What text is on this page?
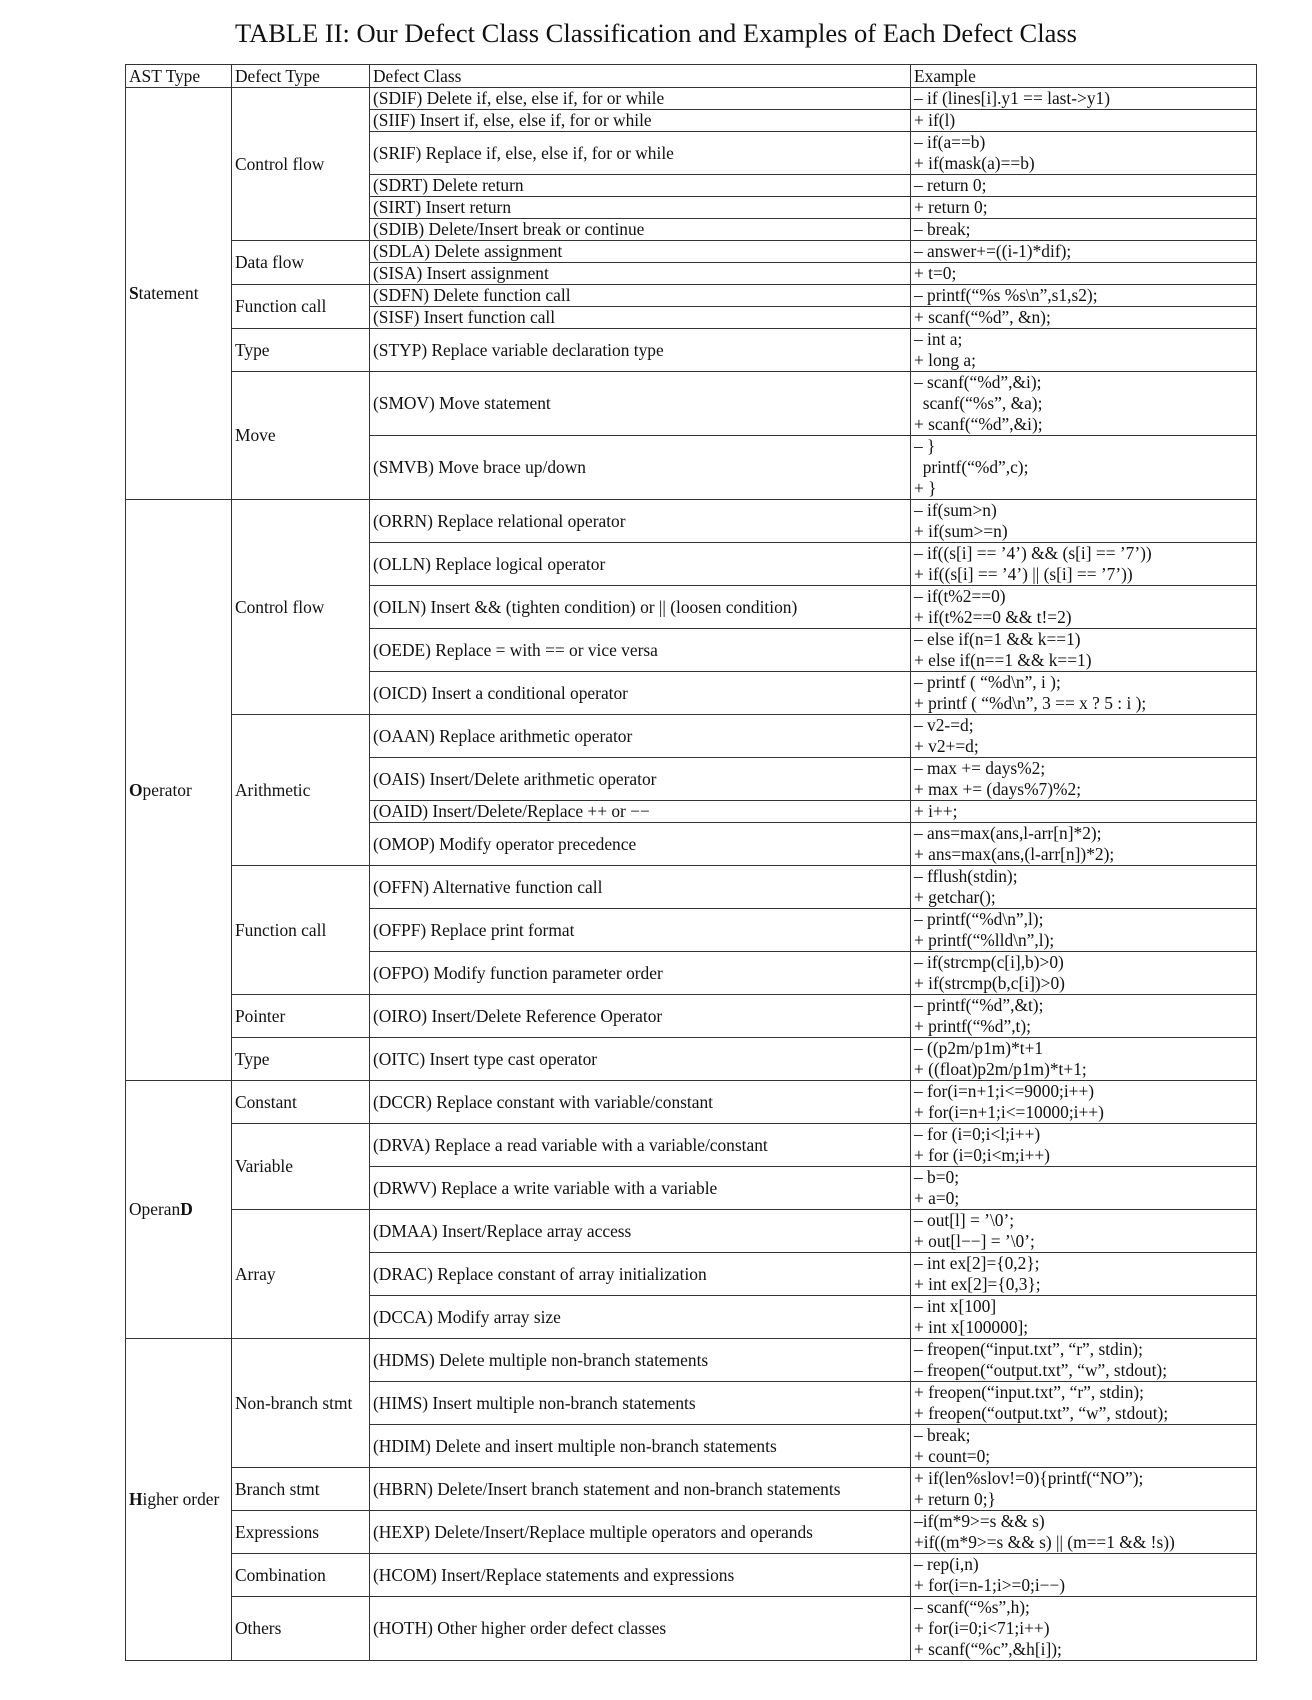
TABLE II: Our Defect Class Classification and Examples of Each Defect Class
AST Type	Defect Type	Defect Class	Example
Statement	Control flow	(SDIF) Delete if, else, else if, for or while	– if (lines[i].y1 == last->y1)

		(SIIF) Insert if, else, else if, for or while	+ if(l)

		(SRIF) Replace if, else, else if, for or while	– if(a==b)
+ if(mask(a)==b)

		(SDRT) Delete return	– return 0;

		(SIRT) Insert return	+ return 0;

		(SDIB) Delete/Insert break or continue	– break;

	Data flow	(SDLA) Delete assignment	– answer+=((i-1)*dif);

		(SISA) Insert assignment	+ t=0;

	Function call	(SDFN) Delete function call	– printf(“%s %s\n”,s1,s2);

		(SISF) Insert function call	+ scanf(“%d”, &n);

	Type	(STYP) Replace variable declaration type	– int a;
+ long a;

	Move	(SMOV) Move statement	– scanf(“%d”,&i);
scanf(“%s”, &a);
+ scanf(“%d”,&i);

		(SMVB) Move brace up/down	– }
printf(“%d”,c);
+ }

Operator	Control flow	(ORRN) Replace relational operator	– if(sum>n)
+ if(sum>=n)

		(OLLN) Replace logical operator	– if((s[i] == ’4’) && (s[i] == ’7’))
+ if((s[i] == ’4’) || (s[i] == ’7’))

		(OILN) Insert && (tighten condition) or || (loosen condition)	– if(t%2==0)
+ if(t%2==0 && t!=2)

		(OEDE) Replace = with == or vice versa	– else if(n=1 && k==1)
+ else if(n==1 && k==1)

		(OICD) Insert a conditional operator	– printf ( “%d\n”, i );
+ printf ( “%d\n”, 3 == x ? 5 : i );

	Arithmetic	(OAAN) Replace arithmetic operator	– v2-=d;
+ v2+=d;

		(OAIS) Insert/Delete arithmetic operator	– max += days%2;
+ max += (days%7)%2;

		(OAID) Insert/Delete/Replace ++ or −−	+ i++;

		(OMOP) Modify operator precedence	– ans=max(ans,l-arr[n]*2);
+ ans=max(ans,(l-arr[n])*2);

	Function call	(OFFN) Alternative function call	– fflush(stdin);
+ getchar();

		(OFPF) Replace print format	– printf(“%d\n”,l);
+ printf(“%lld\n”,l);

		(OFPO) Modify function parameter order	– if(strcmp(c[i],b)>0)
+ if(strcmp(b,c[i])>0)

	Pointer	(OIRO) Insert/Delete Reference Operator	– printf(“%d”,&t);
+ printf(“%d”,t);

	Type	(OITC) Insert type cast operator	– ((p2m/p1m)*t+1
+ ((float)p2m/p1m)*t+1;

OperanD	Constant	(DCCR) Replace constant with variable/constant	– for(i=n+1;i<=9000;i++)
+ for(i=n+1;i<=10000;i++)

	Variable	(DRVA) Replace a read variable with a variable/constant	– for (i=0;i<l;i++)
+ for (i=0;i<m;i++)

		(DRWV) Replace a write variable with a variable	– b=0;
+ a=0;

	Array	(DMAA) Insert/Replace array access	– out[l] = ’\0’;
+ out[l−−] = ’\0’;

		(DRAC) Replace constant of array initialization	– int ex[2]={0,2};
+ int ex[2]={0,3};

		(DCCA) Modify array size	– int x[100]
+ int x[100000];

Higher order	Non-branch stmt	(HDMS) Delete multiple non-branch statements	– freopen(“input.txt”, “r”, stdin);
– freopen(“output.txt”, “w”, stdout);

		(HIMS) Insert multiple non-branch statements	+ freopen(“input.txt”, “r”, stdin);
+ freopen(“output.txt”, “w”, stdout);

		(HDIM) Delete and insert multiple non-branch statements	– break;
+ count=0;

	Branch stmt	(HBRN) Delete/Insert branch statement and non-branch statements	+ if(len%slov!=0){printf(“NO”);
+ return 0;}

	Expressions	(HEXP) Delete/Insert/Replace multiple operators and operands	–if(m*9>=s && s)
+if((m*9>=s && s) || (m==1 && !s))

	Combination	(HCOM) Insert/Replace statements and expressions	– rep(i,n)
+ for(i=n-1;i>=0;i−−)

	Others	(HOTH) Other higher order defect classes	– scanf(“%s”,h);
+ for(i=0;i<71;i++)
+ scanf(“%c”,&h[i]);
